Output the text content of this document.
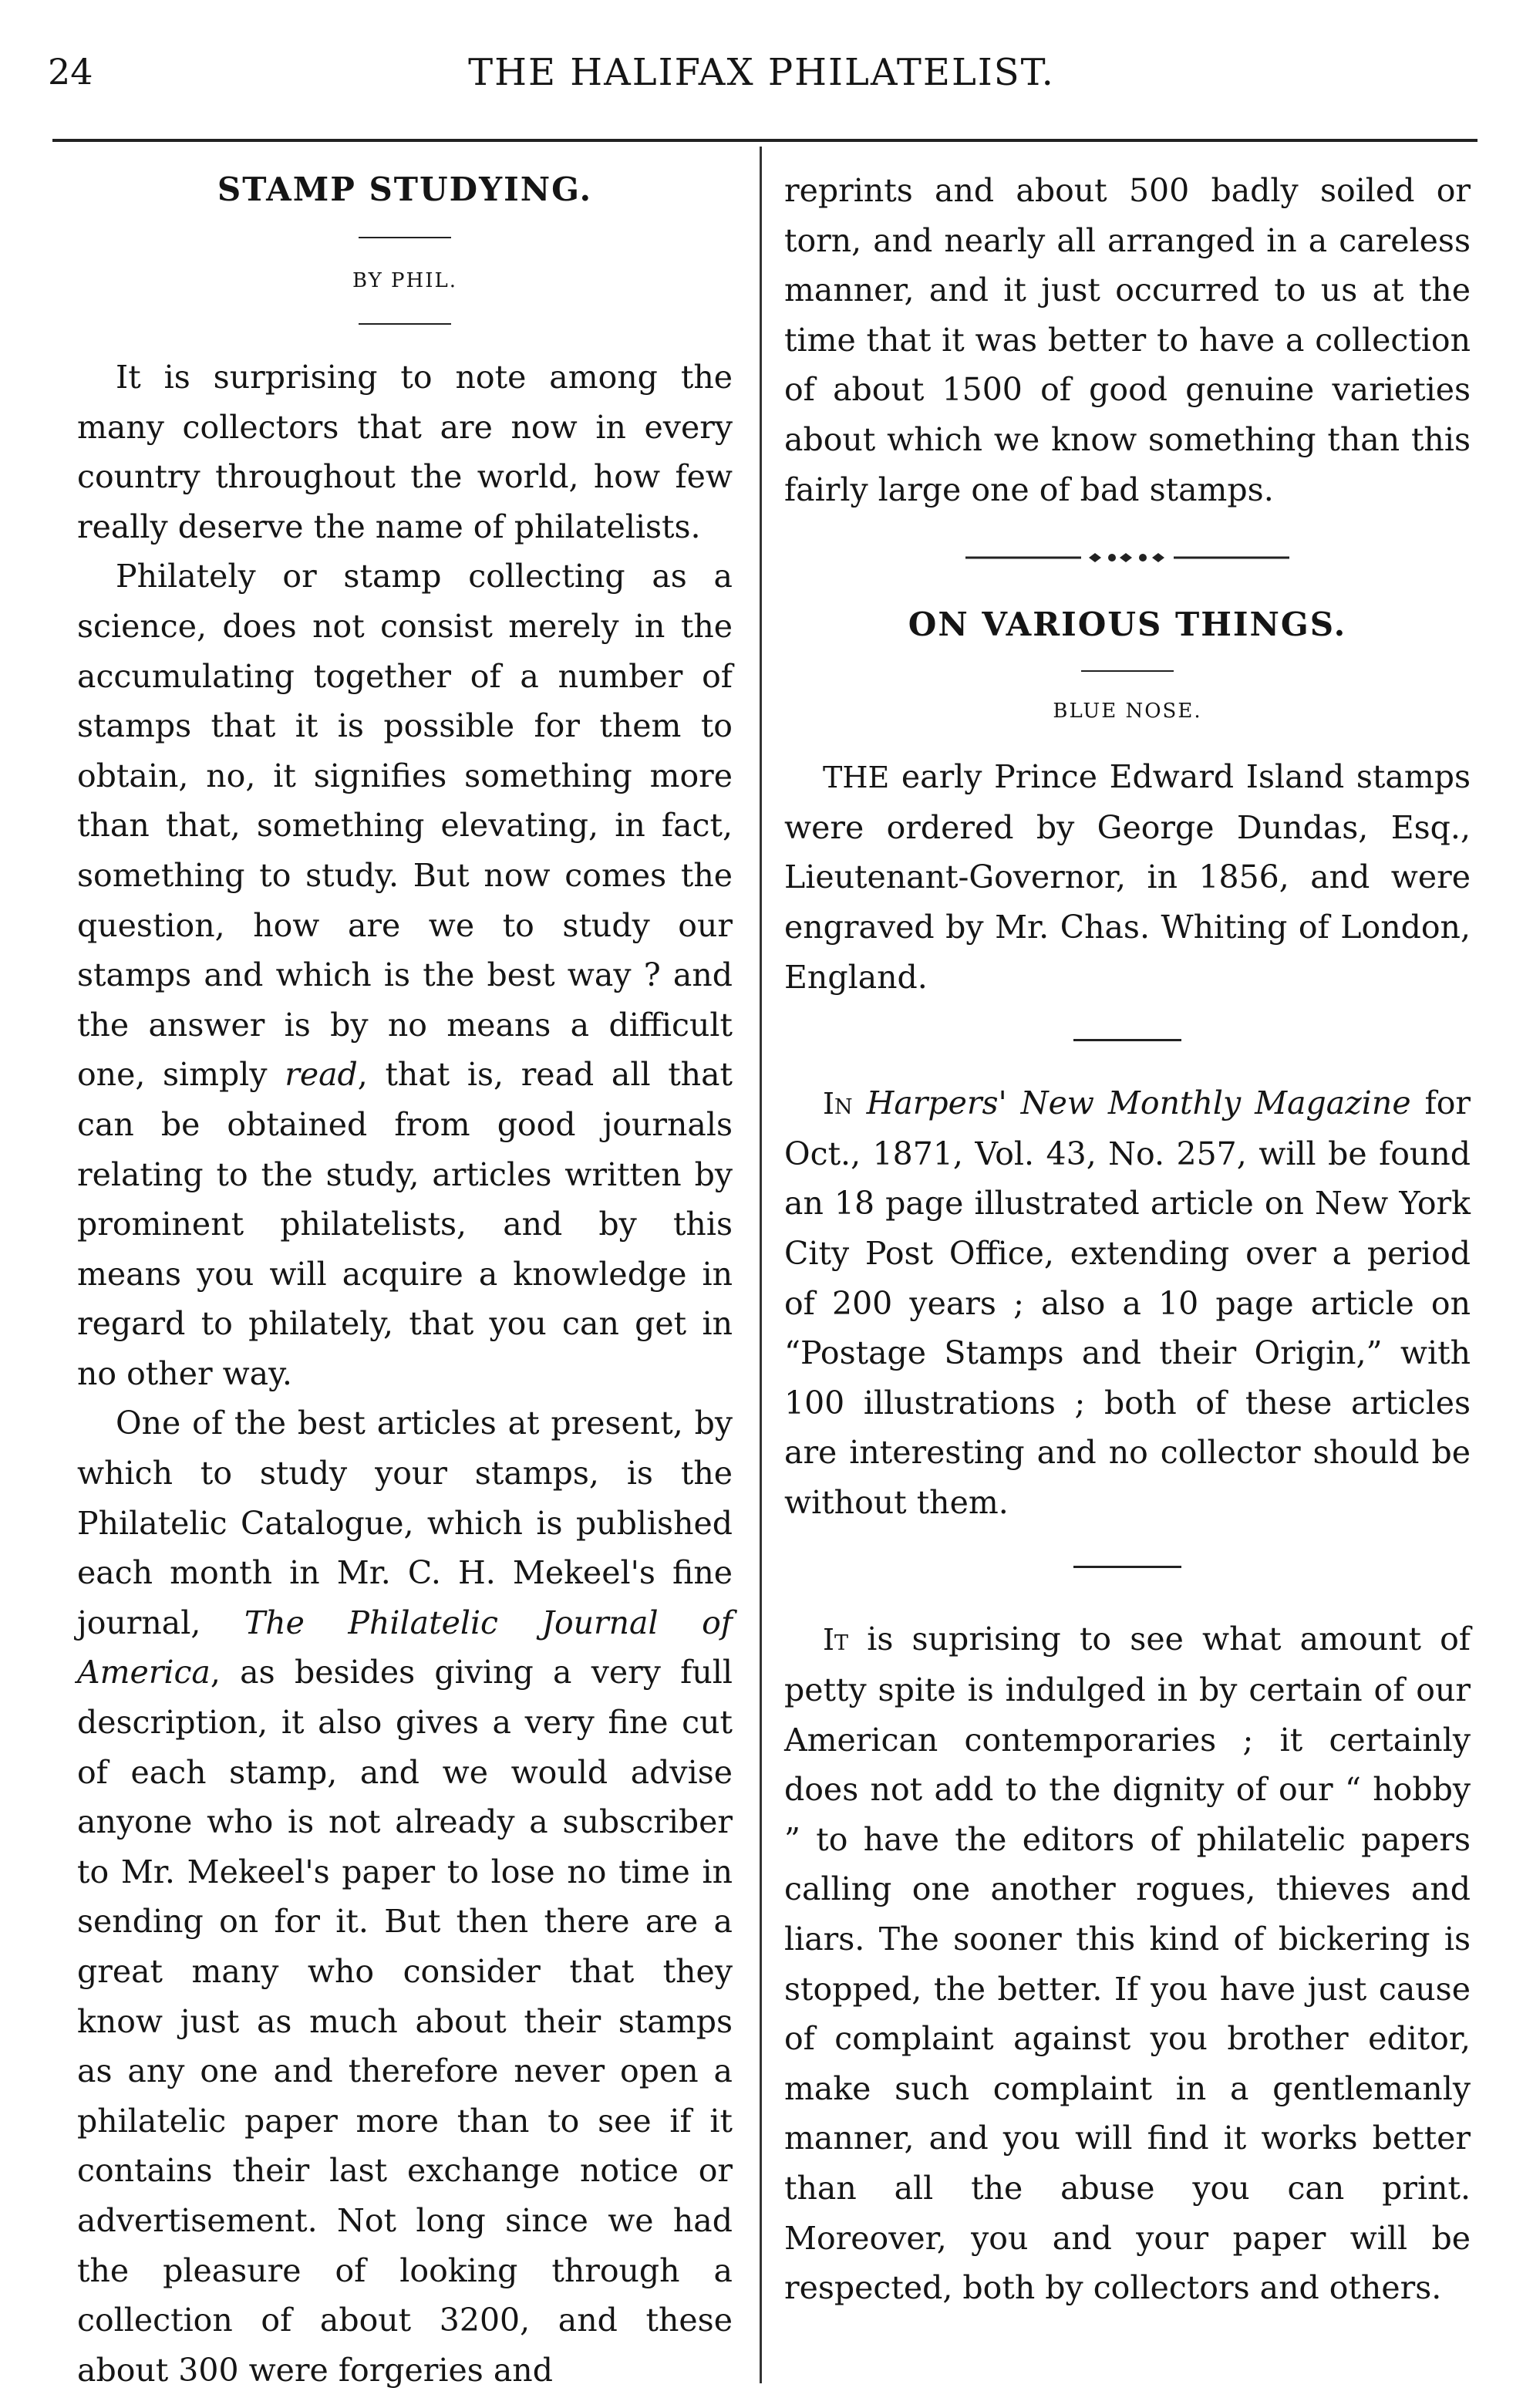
24	THE HALIFAX PHILATELIST.
STAMP STUDYING.
BY PHIL.

It is surprising to note among the many collectors that are now in every country throughout the world, how few really deserve the name of philatelists.

Philately or stamp collecting as a science, does not consist merely in the accumulating together of a number of stamps that it is possible for them to obtain, no, it signifies something more than that, something elevating, in fact, something to study. But now comes the question, how are we to study our stamps and which is the best way ? and the answer is by no means a difficult one, simply read, that is, read all that can be obtained from good journals relating to the study, articles written by prominent philatelists, and by this means you will acquire a knowledge in regard to philately, that you can get in no other way.

One of the best articles at present, by which to study your stamps, is the Philatelic Catalogue, which is published each month in Mr. C. H. Mekeel's fine journal, The Philatelic Journal of America, as besides giving a very full description, it also gives a very fine cut of each stamp, and we would advise anyone who is not already a subscriber to Mr. Mekeel's paper to lose no time in sending on for it. But then there are a great many who consider that they know just as much about their stamps as any one and therefore never open a philatelic paper more than to see if it contains their last exchange notice or advertisement. Not long since we had the pleasure of looking through a collection of about 3200, and these about 300 were forgeries and

reprints and about 500 badly soiled or torn, and nearly all arranged in a careless manner, and it just occurred to us at the time that it was better to have a collection of about 1500 of good genuine varieties about which we know something than this fairly large one of bad stamps.

ON VARIOUS THINGS.
BLUE NOSE.

THE early Prince Edward Island stamps were ordered by George Dundas, Esq., Lieutenant-Governor, in 1856, and were engraved by Mr. Chas. Whiting of London, England.

In Harpers' New Monthly Magazine for Oct., 1871, Vol. 43, No. 257, will be found an 18 page illustrated article on New York City Post Office, extending over a period of 200 years ; also a 10 page article on “Postage Stamps and their Origin,” with 100 illustrations ; both of these articles are interesting and no collector should be without them.

It is suprising to see what amount of petty spite is indulged in by certain of our American contemporaries ; it certainly does not add to the dignity of our “ hobby ” to have the editors of philatelic papers calling one another rogues, thieves and liars. The sooner this kind of bickering is stopped, the better. If you have just cause of complaint against you brother editor, make such complaint in a gentlemanly manner, and you will find it works better than all the abuse you can print. Moreover, you and your paper will be respected, both by collectors and others.
